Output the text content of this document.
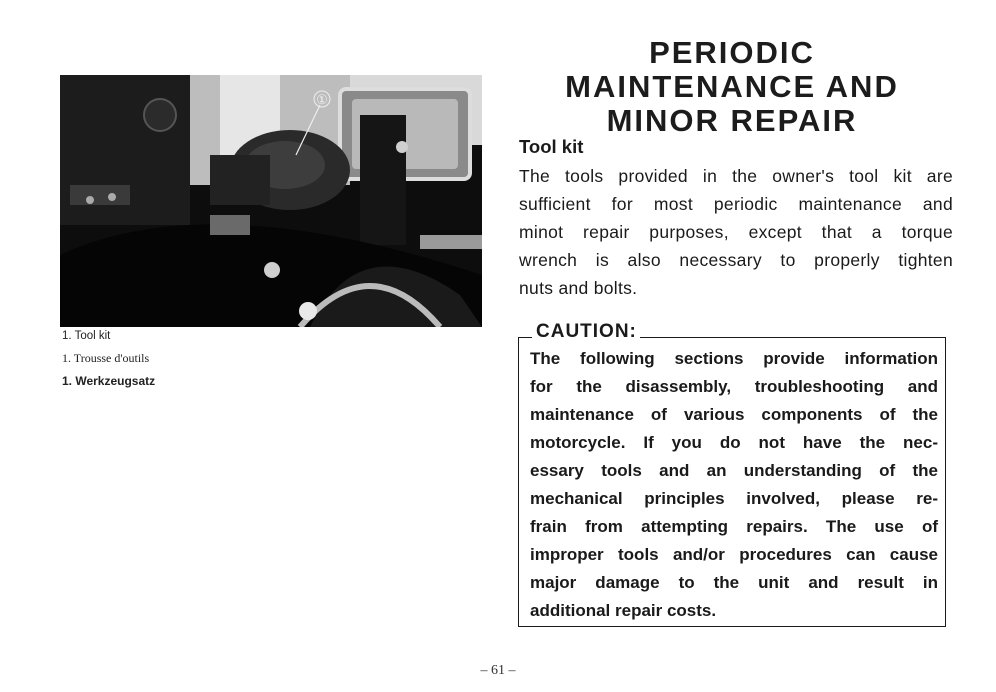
①
1. Tool kit
1. Trousse d'outils
1. Werkzeugsatz
PERIODIC
MAINTENANCE AND
MINOR REPAIR
Tool kit
The tools provided in the owner's tool kit are
sufficient for most periodic maintenance and
minot repair purposes, except that a torque
wrench is also necessary to properly tighten
nuts and bolts.
CAUTION:
The following sections provide information
for the disassembly, troubleshooting and
maintenance of various components of the
motorcycle. If you do not have the nec-
essary tools and an understanding of the
mechanical principles involved, please re-
frain from attempting repairs. The use of
improper tools and/or procedures can cause
major damage to the unit and result in
additional repair costs.
– 61 –
